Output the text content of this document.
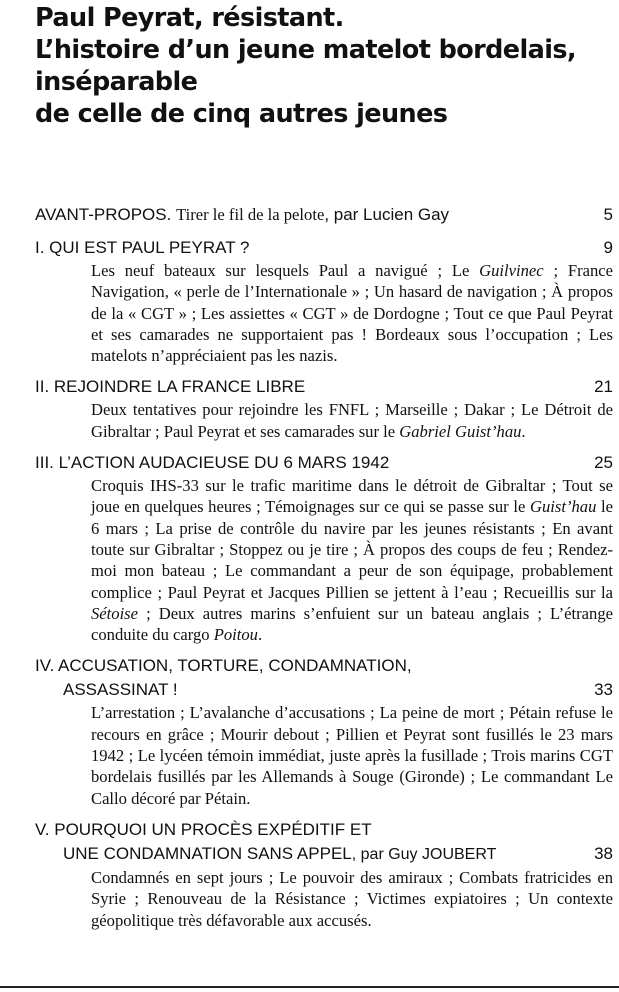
Paul Peyrat, résistant.
L’histoire d’un jeune matelot bordelais,
inséparable
de celle de cinq autres jeunes
AVANT-PROPOS. Tirer le fil de la pelote, par Lucien Gay	5
I. QUI EST PAUL PEYRAT ?	9
Les neuf bateaux sur lesquels Paul a navigué ; Le Guilvinec ; France Navigation, « perle de l’Internationale » ; Un hasard de navigation ; À propos de la « CGT » ; Les assiettes « CGT » de Dordogne ; Tout ce que Paul Peyrat et ses camarades ne supportaient pas ! Bordeaux sous l’occupation ; Les matelots n’appréciaient pas les nazis.
II. REJOINDRE LA FRANCE LIBRE	21
Deux tentatives pour rejoindre les FNFL ; Marseille ; Dakar ; Le Détroit de Gibraltar ; Paul Peyrat et ses camarades sur le Gabriel Guist’hau.
III. L’ACTION AUDACIEUSE DU 6 MARS 1942	25
Croquis IHS-33 sur le trafic maritime dans le détroit de Gibraltar ; Tout se joue en quelques heures ; Témoignages sur ce qui se passe sur le Guist’hau le 6 mars ; La prise de contrôle du navire par les jeunes résistants ; En avant toute sur Gibraltar ; Stoppez ou je tire ; À propos des coups de feu ; Rendez-moi mon bateau ; Le commandant a peur de son équipage, probablement complice ; Paul Peyrat et Jacques Pillien se jettent à l’eau ; Recueillis sur la Sétoise ; Deux autres marins s’enfuient sur un bateau anglais ; L’étrange conduite du cargo Poitou.
IV. ACCUSATION, TORTURE, CONDAMNATION,
ASSASSINAT !	33
L’arrestation ; L’avalanche d’accusations ; La peine de mort ; Pétain refuse le recours en grâce ; Mourir debout ; Pillien et Peyrat sont fusillés le 23 mars 1942 ; Le lycéen témoin immédiat, juste après la fusillade ; Trois marins CGT bordelais fusillés par les Allemands à Souge (Gironde) ; Le commandant Le Callo décoré par Pétain.
V. POURQUOI UN PROCÈS EXPÉDITIF ET
UNE CONDAMNATION SANS APPEL, par Guy JOUBERT	38
Condamnés en sept jours ; Le pouvoir des amiraux ; Combats fratricides en Syrie ; Renouveau de la Résistance ; Victimes expiatoires ; Un contexte géopolitique très défavorable aux accusés.
